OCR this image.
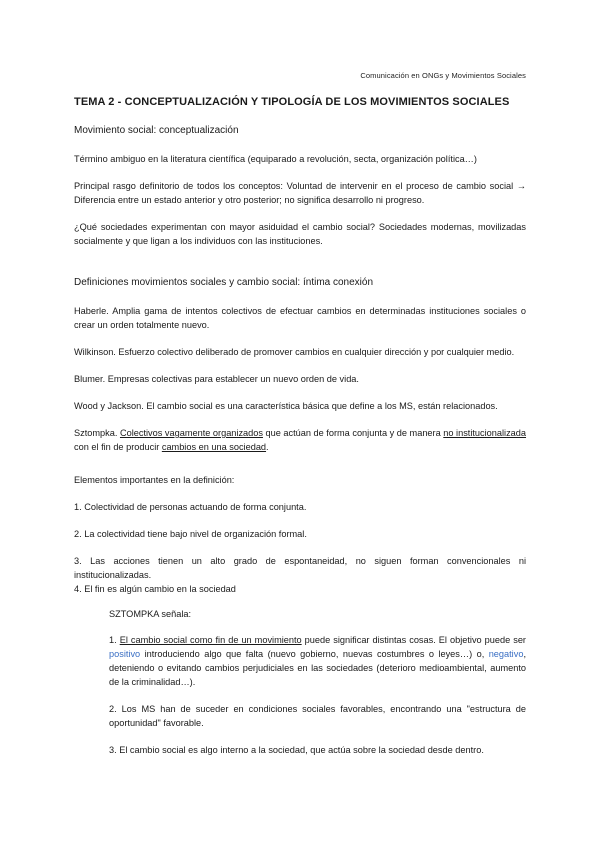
Comunicación en ONGs y Movimientos Sociales
TEMA 2 - CONCEPTUALIZACIÓN Y TIPOLOGÍA DE LOS MOVIMIENTOS SOCIALES
Movimiento social: conceptualización

Término ambiguo en la literatura científica (equiparado a revolución, secta, organización política…)

Principal rasgo definitorio de todos los conceptos: Voluntad de intervenir en el proceso de cambio social → Diferencia entre un estado anterior y otro posterior; no significa desarrollo ni progreso.

¿Qué sociedades experimentan con mayor asiduidad el cambio social? Sociedades modernas, movilizadas socialmente y que ligan a los individuos con las instituciones.

Definiciones movimientos sociales y cambio social: íntima conexión

Haberle. Amplia gama de intentos colectivos de efectuar cambios en determinadas instituciones sociales o crear un orden totalmente nuevo.

Wilkinson. Esfuerzo colectivo deliberado de promover cambios en cualquier dirección y por cualquier medio.

Blumer. Empresas colectivas para establecer un nuevo orden de vida.

Wood y Jackson. El cambio social es una característica básica que define a los MS, están relacionados.

Sztompka. Colectivos vagamente organizados que actúan de forma conjunta y de manera no institucionalizada con el fin de producir cambios en una sociedad.

Elementos importantes en la definición:

1. Colectividad de personas actuando de forma conjunta.

2. La colectividad tiene bajo nivel de organización formal.

3. Las acciones tienen un alto grado de espontaneidad, no siguen forman convencionales ni institucionalizadas.

4. El fin es algún cambio en la sociedad

SZTOMPKA señala:

1. El cambio social como fin de un movimiento puede significar distintas cosas. El objetivo puede ser positivo introduciendo algo que falta (nuevo gobierno, nuevas costumbres o leyes…) o, negativo, deteniendo o evitando cambios perjudiciales en las sociedades (deterioro medioambiental, aumento de la criminalidad…).

2. Los MS han de suceder en condiciones sociales favorables, encontrando una "estructura de oportunidad" favorable.

3. El cambio social es algo interno a la sociedad, que actúa sobre la sociedad desde dentro.
